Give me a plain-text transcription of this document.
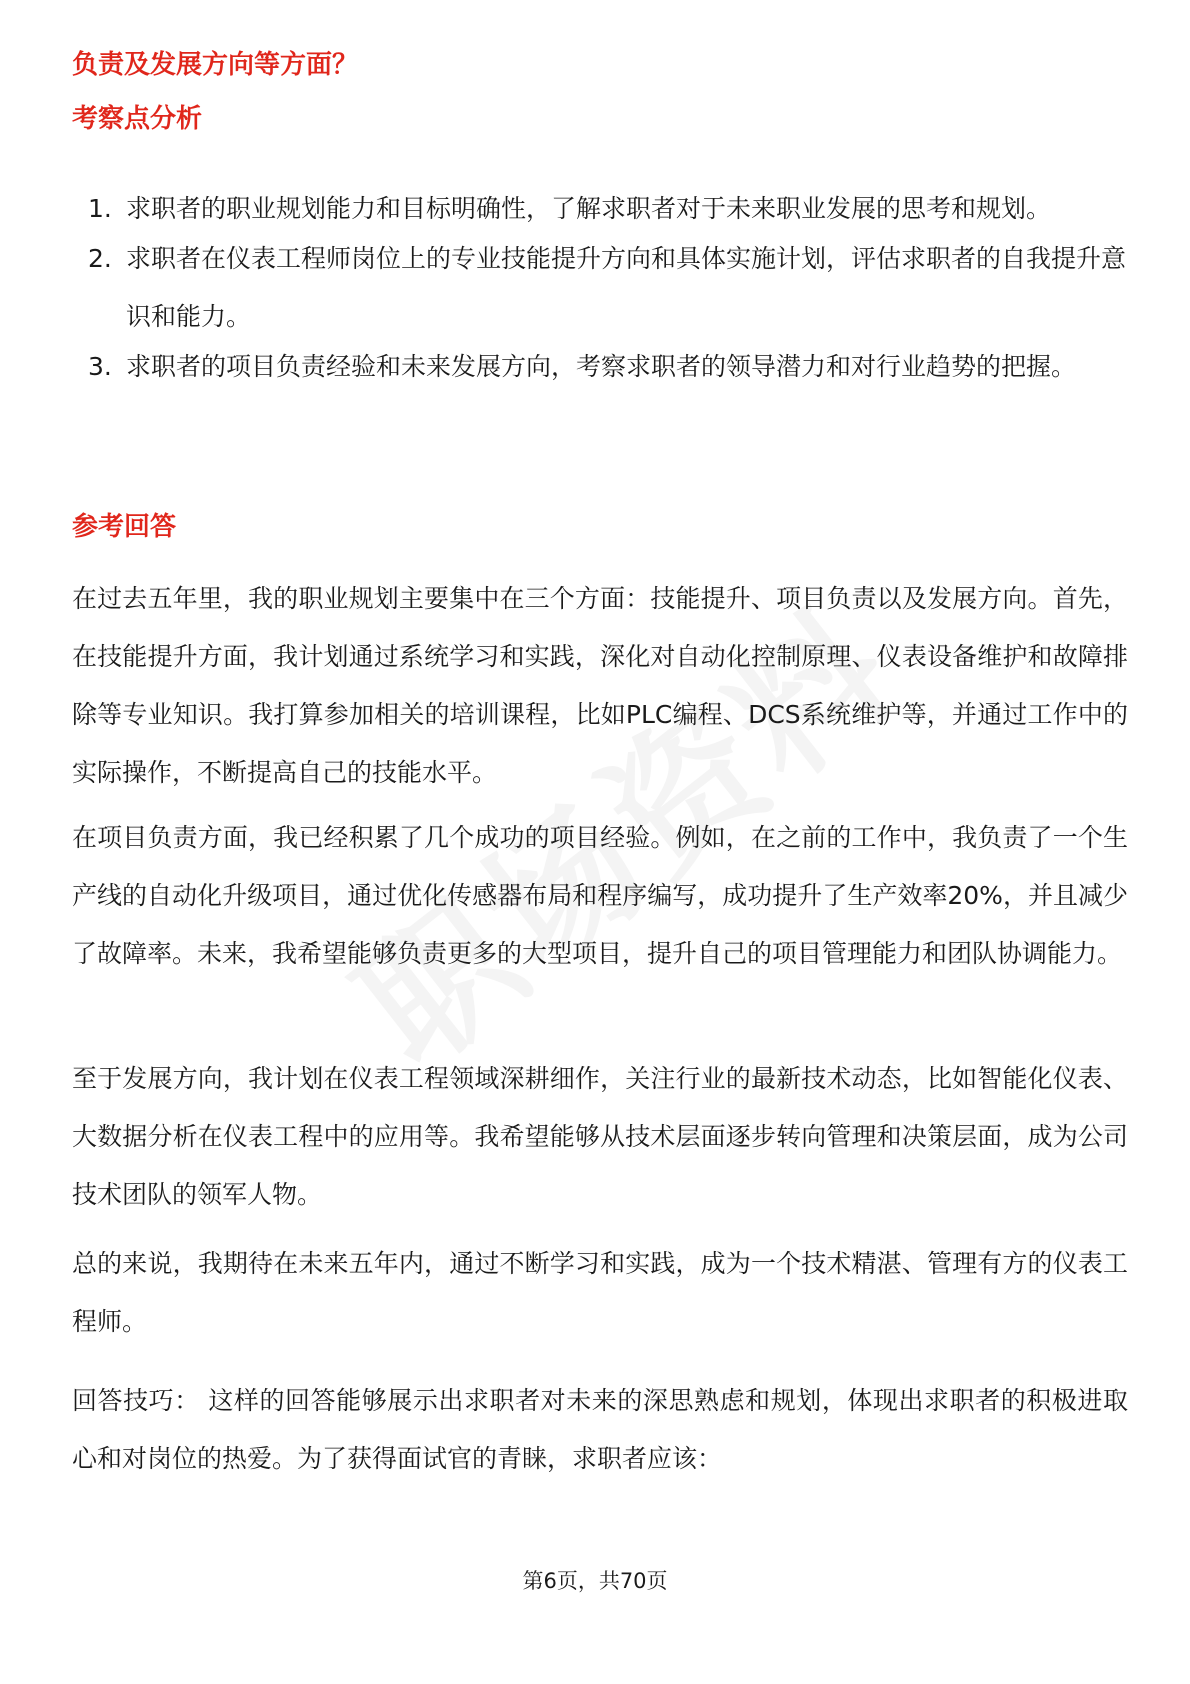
负责及发展方向等方面？
考察点分析
1. 求职者的职业规划能力和目标明确性，了解求职者对于未来职业发展的思考和规划。
2. 求职者在仪表工程师岗位上的专业技能提升方向和具体实施计划，评估求职者的自我提升意识和能力。
3. 求职者的项目负责经验和未来发展方向，考察求职者的领导潜力和对行业趋势的把握。
参考回答

在过去五年里，我的职业规划主要集中在三个方面：技能提升、项目负责以及发展方向。首先，在技能提升方面，我计划通过系统学习和实践，深化对自动化控制原理、仪表设备维护和故障排除等专业知识。我打算参加相关的培训课程，比如PLC编程、DCS系统维护等，并通过工作中的实际操作，不断提高自己的技能水平。

在项目负责方面，我已经积累了几个成功的项目经验。例如，在之前的工作中，我负责了一个生产线的自动化升级项目，通过优化传感器布局和程序编写，成功提升了生产效率20%，并且减少了故障率。未来，我希望能够负责更多的大型项目，提升自己的项目管理能力和团队协调能力。

至于发展方向，我计划在仪表工程领域深耕细作，关注行业的最新技术动态，比如智能化仪表、大数据分析在仪表工程中的应用等。我希望能够从技术层面逐步转向管理和决策层面，成为公司技术团队的领军人物。

总的来说，我期待在未来五年内，通过不断学习和实践，成为一个技术精湛、管理有方的仪表工程师。

回答技巧： 这样的回答能够展示出求职者对未来的深思熟虑和规划，体现出求职者的积极进取心和对岗位的热爱。为了获得面试官的青睐，求职者应该：

第6页，共70页
